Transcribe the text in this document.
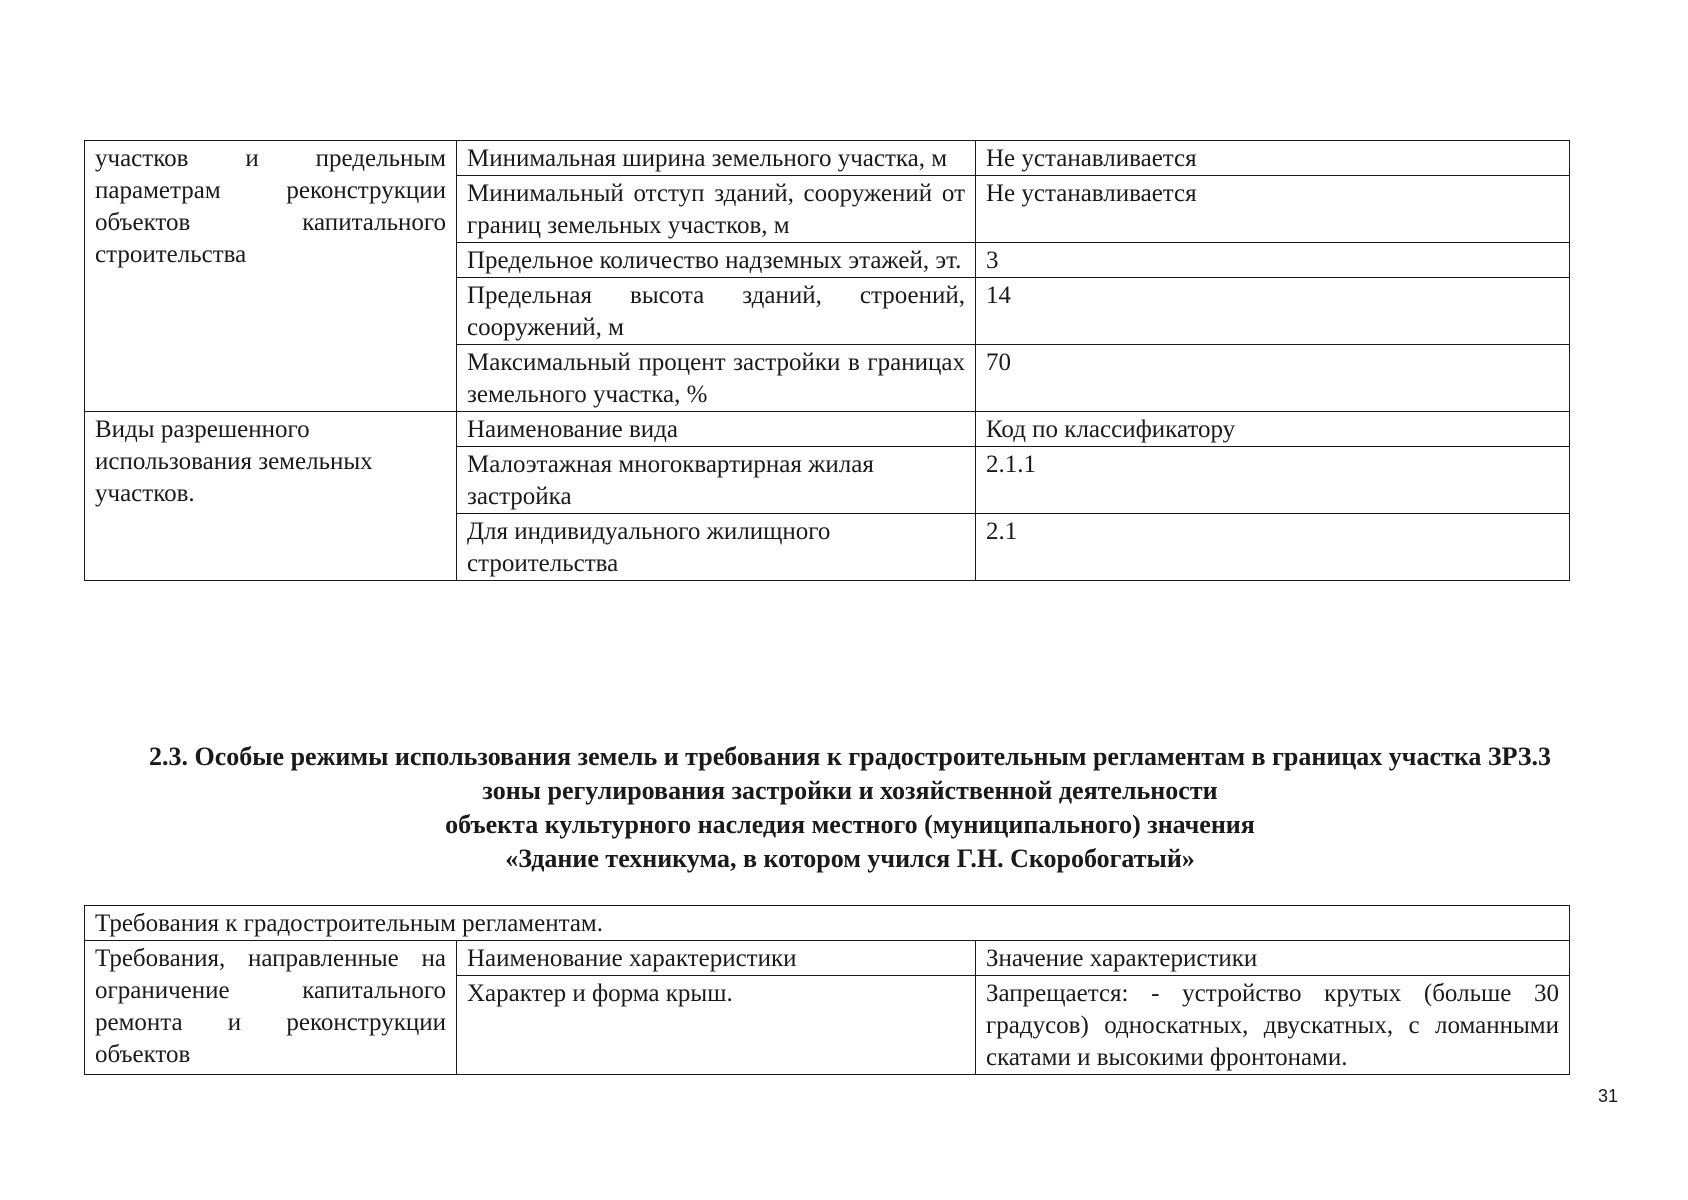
участков и предельным параметрам реконструкции объектов капитального строительства	Минимальная ширина земельного участка, м	Не устанавливается
	Минимальный отступ зданий, сооружений от границ земельных участков, м	Не устанавливается
	Предельное количество надземных этажей, эт.	3
	Предельная высота зданий, строений, сооружений, м	14
	Максимальный процент застройки в границах земельного участка, %	70
Виды разрешенного использования земельных участков.	Наименование вида	Код по классификатору
	Малоэтажная многоквартирная жилая застройка	2.1.1
	Для индивидуального жилищного строительства	2.1
2.3. Особые режимы использования земель и требования к градостроительным регламентам в границах участка ЗРЗ.3
зоны регулирования застройки и хозяйственной деятельности
объекта культурного наследия местного (муниципального) значения
«Здание техникума, в котором учился Г.Н. Скоробогатый»
Требования к градостроительным регламентам.		
Требования, направленные на ограничение капитального ремонта и реконструкции объектов	Наименование характеристики	Значение характеристики
	Характер и форма крыш.	Запрещается: - устройство крутых (больше 30 градусов) односкатных, двускатных, с ломанными скатами и высокими фронтонами.
31
